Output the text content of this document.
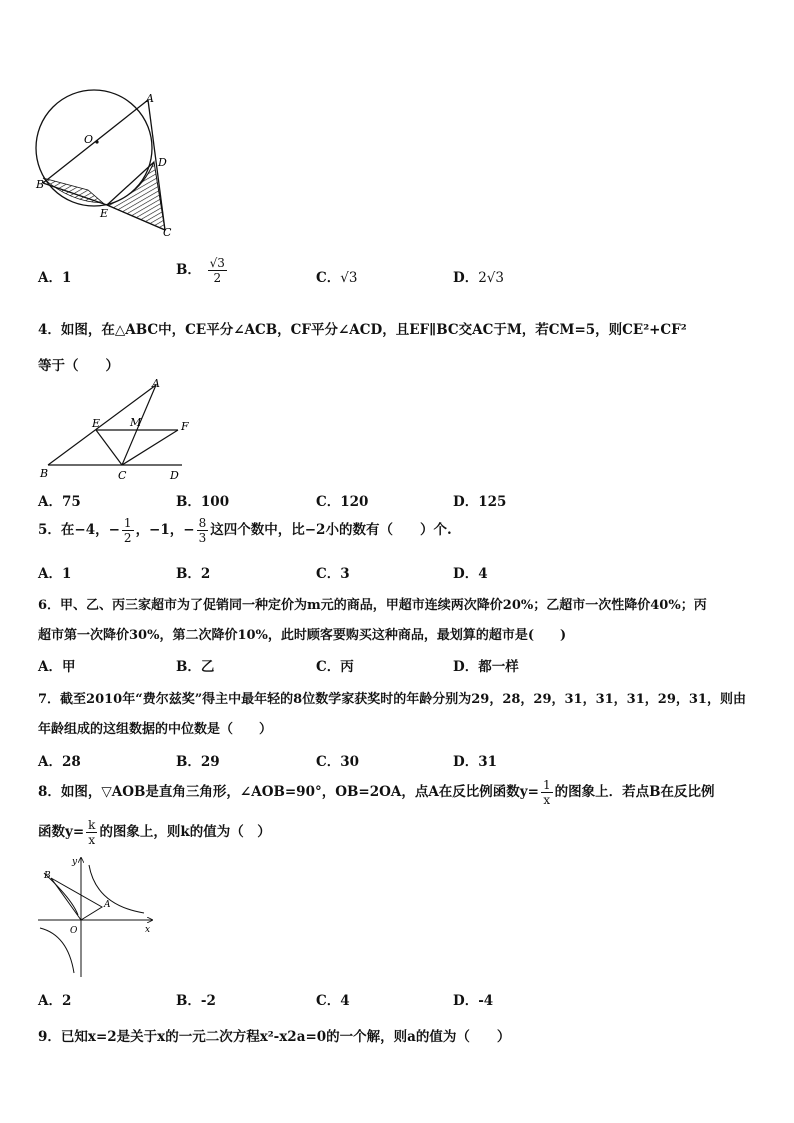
A
O
D
B
E
C
A．1	B． $\frac{√3}{2}$	C．√3	D．2√3
4．如图，在△ABC中，CE平分∠ACB，CF平分∠ACD，且EF∥BC交AC于M，若CM=5，则CE²+CF²
等于（　　）
A
E	M	F
B	C	D
A．75	B．100	C．120	D．125
5．在−4，− $\frac{1}{2}$ ，−1，− $\frac{8}{3}$ 这四个数中，比−2小的数有（　　）个.
A．1	B．2	C．3	D．4
6．甲、乙、丙三家超市为了促销同一种定价为m元的商品，甲超市连续两次降价20%；乙超市一次性降价40%；丙
超市第一次降价30%，第二次降价10%，此时顾客要购买这种商品，最划算的超市是(　　)
A．甲	B．乙	C．丙	D．都一样
7．截至2010年“费尔兹奖”得主中最年轻的8位数学家获奖时的年龄分别为29，28，29，31，31，31，29，31，则由
年龄组成的这组数据的中位数是（　　）
A．28	B．29	C．30	D．31
8．如图，▽AOB是直角三角形，∠AOB=90°，OB=2OA，点A在反比例函数$y= \frac{1}{x}$ 的图象上．若点B在反比例
函数$y= \frac{k}{x}$ 的图象上，则k的值为（　）
y
B
A
O	x
A．2	B．-2	C．4	D．-4
9．已知x=2是关于x的一元二次方程x²-x2a=0的一个解，则a的值为（　　）
